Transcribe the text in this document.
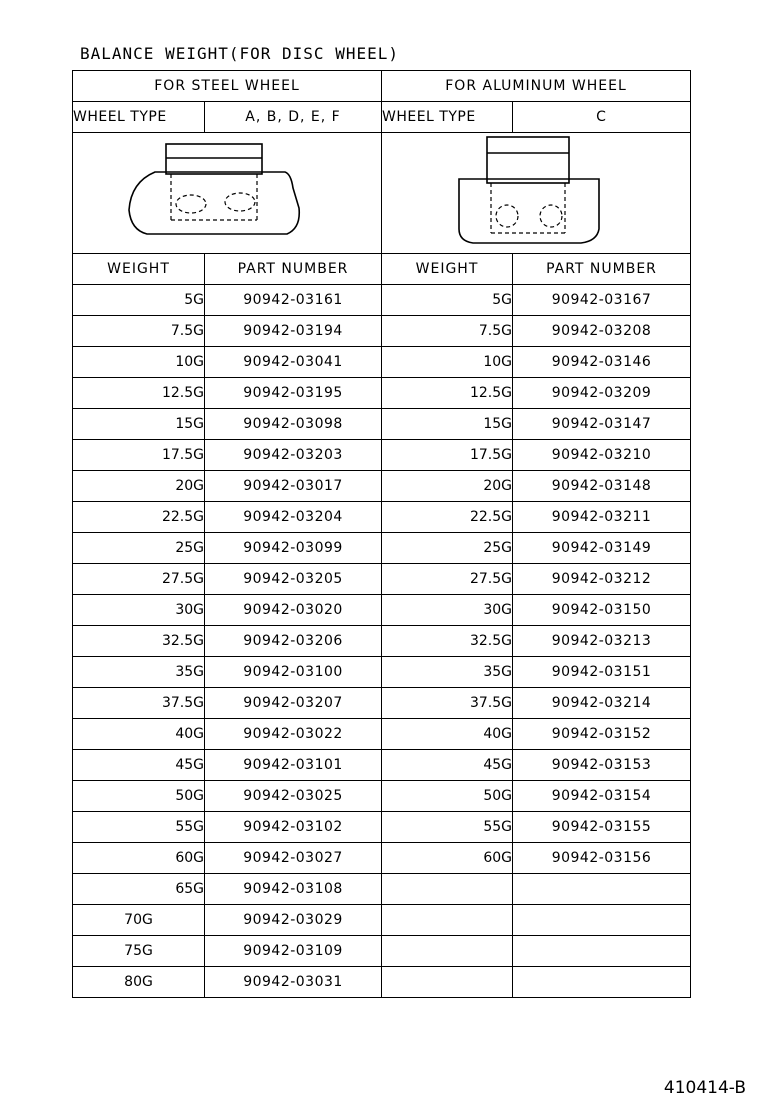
BALANCE WEIGHT(FOR DISC WHEEL)
FOR STEEL WHEEL		FOR ALUMINUM WHEEL	
WHEEL TYPE	A, B, D, E, F	WHEEL TYPE	C

WEIGHT	PART NUMBER	WEIGHT	PART NUMBER
5G	90942-03161	5G	90942-03167
7.5G	90942-03194	7.5G	90942-03208
10G	90942-03041	10G	90942-03146
12.5G	90942-03195	12.5G	90942-03209
15G	90942-03098	15G	90942-03147
17.5G	90942-03203	17.5G	90942-03210
20G	90942-03017	20G	90942-03148
22.5G	90942-03204	22.5G	90942-03211
25G	90942-03099	25G	90942-03149
27.5G	90942-03205	27.5G	90942-03212
30G	90942-03020	30G	90942-03150
32.5G	90942-03206	32.5G	90942-03213
35G	90942-03100	35G	90942-03151
37.5G	90942-03207	37.5G	90942-03214
40G	90942-03022	40G	90942-03152
45G	90942-03101	45G	90942-03153
50G	90942-03025	50G	90942-03154
55G	90942-03102	55G	90942-03155
60G	90942-03027	60G	90942-03156
65G	90942-03108		
70G	90942-03029		
75G	90942-03109		
80G	90942-03031		
410414-B
